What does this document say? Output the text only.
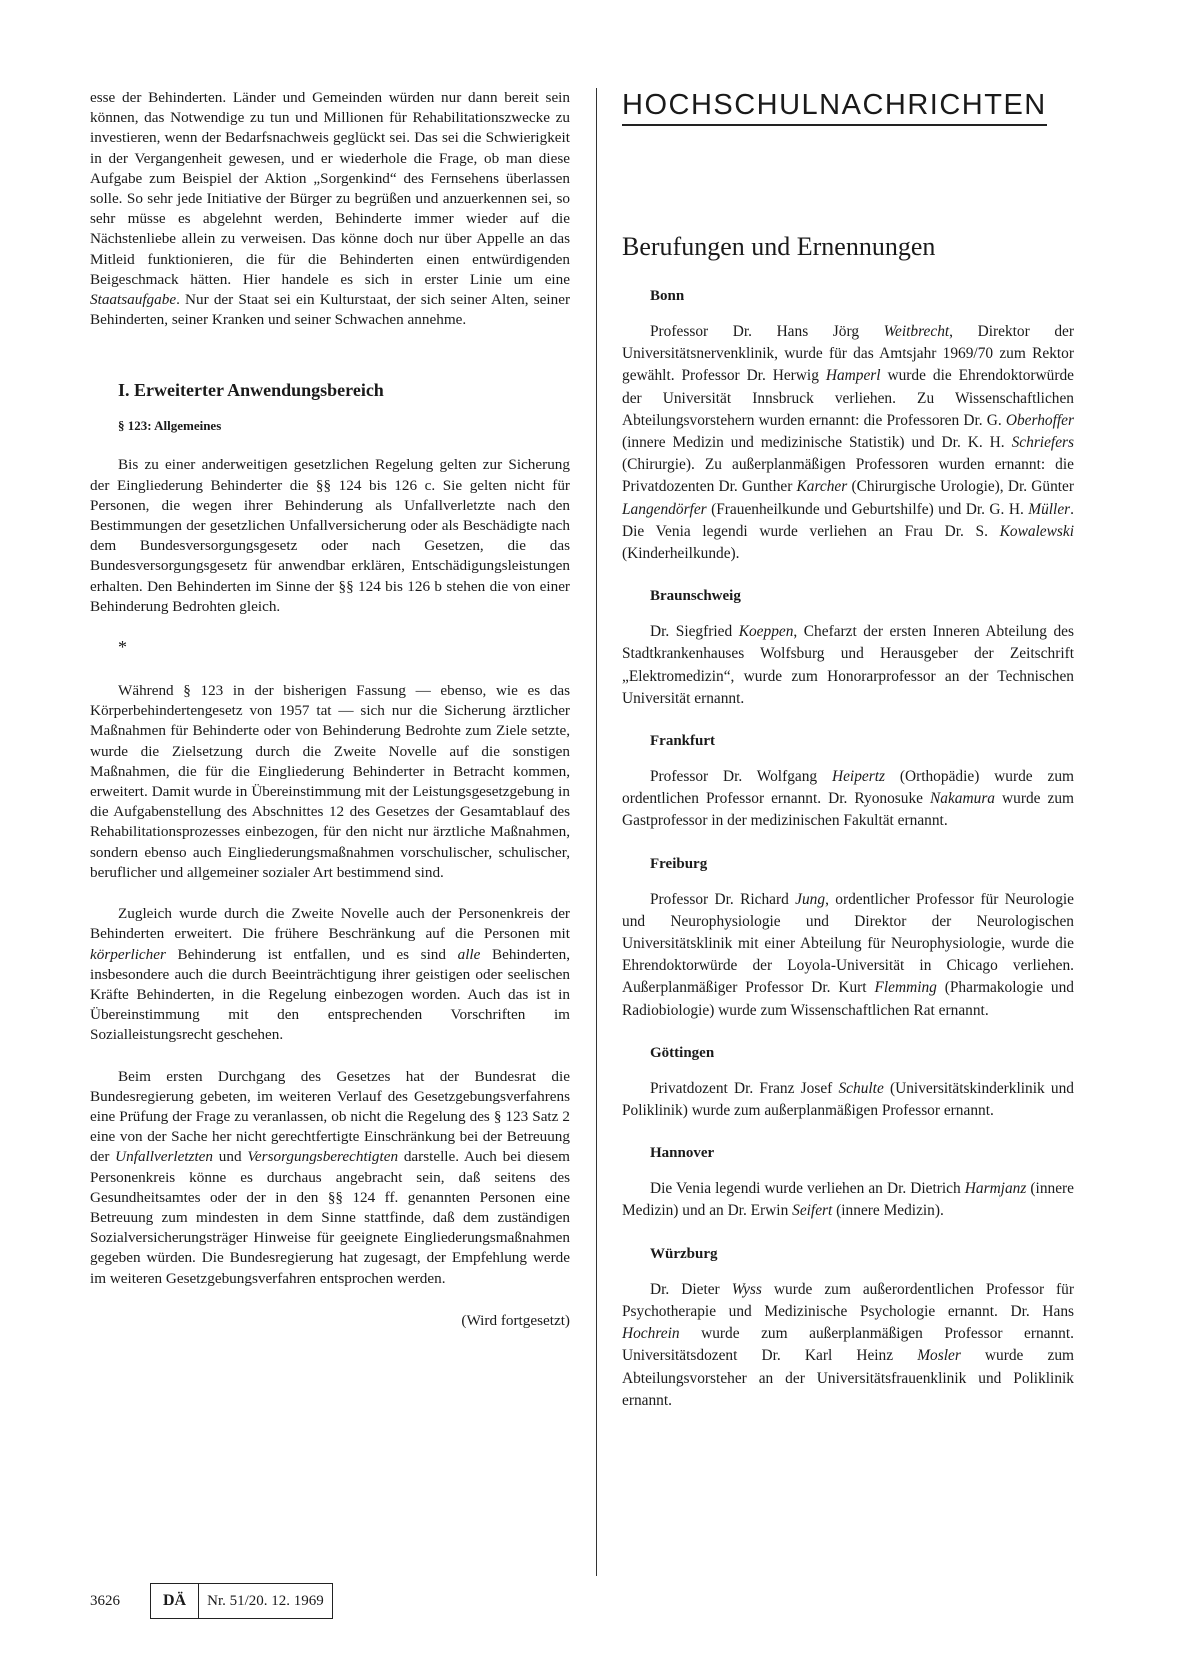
esse der Behinderten. Länder und Gemeinden würden nur dann bereit sein können, das Notwendige zu tun und Millionen für Rehabilitationszwecke zu investieren, wenn der Bedarfsnachweis geglückt sei. Das sei die Schwierigkeit in der Vergangenheit gewesen, und er wiederhole die Frage, ob man diese Aufgabe zum Beispiel der Aktion „Sorgenkind“ des Fernsehens überlassen solle. So sehr jede Initiative der Bürger zu begrüßen und anzuerkennen sei, so sehr müsse es abgelehnt werden, Behinderte immer wieder auf die Nächstenliebe allein zu verweisen. Das könne doch nur über Appelle an das Mitleid funktionieren, die für die Behinderten einen entwürdigenden Beigeschmack hätten. Hier handele es sich in erster Linie um eine Staatsaufgabe. Nur der Staat sei ein Kulturstaat, der sich seiner Alten, seiner Behinderten, seiner Kranken und seiner Schwachen annehme.

I. Erweiterter Anwendungsbereich
§ 123: Allgemeines

Bis zu einer anderweitigen gesetzlichen Regelung gelten zur Sicherung der Eingliederung Behinderter die §§ 124 bis 126 c. Sie gelten nicht für Personen, die wegen ihrer Behinderung als Unfallverletzte nach den Bestimmungen der gesetzlichen Unfallversicherung oder als Beschädigte nach dem Bundesversorgungsgesetz oder nach Gesetzen, die das Bundesversorgungsgesetz für anwendbar erklären, Entschädigungsleistungen erhalten. Den Behinderten im Sinne der §§ 124 bis 126 b stehen die von einer Behinderung Bedrohten gleich.

*

Während § 123 in der bisherigen Fassung — ebenso, wie es das Körperbehindertengesetz von 1957 tat — sich nur die Sicherung ärztlicher Maßnahmen für Behinderte oder von Behinderung Bedrohte zum Ziele setzte, wurde die Zielsetzung durch die Zweite Novelle auf die sonstigen Maßnahmen, die für die Eingliederung Behinderter in Betracht kommen, erweitert. Damit wurde in Übereinstimmung mit der Leistungsgesetzgebung in die Aufgabenstellung des Abschnittes 12 des Gesetzes der Gesamtablauf des Rehabilitationsprozesses einbezogen, für den nicht nur ärztliche Maßnahmen, sondern ebenso auch Eingliederungsmaßnahmen vorschulischer, schulischer, beruflicher und allgemeiner sozialer Art bestimmend sind.

Zugleich wurde durch die Zweite Novelle auch der Personenkreis der Behinderten erweitert. Die frühere Beschränkung auf die Personen mit körperlicher Behinderung ist entfallen, und es sind alle Behinderten, insbesondere auch die durch Beeinträchtigung ihrer geistigen oder seelischen Kräfte Behinderten, in die Regelung einbezogen worden. Auch das ist in Übereinstimmung mit den entsprechenden Vorschriften im Sozialleistungsrecht geschehen.

Beim ersten Durchgang des Gesetzes hat der Bundesrat die Bundesregierung gebeten, im weiteren Verlauf des Gesetzgebungsverfahrens eine Prüfung der Frage zu veranlassen, ob nicht die Regelung des § 123 Satz 2 eine von der Sache her nicht gerechtfertigte Einschränkung bei der Betreuung der Unfallverletzten und Versorgungsberechtigten darstelle. Auch bei diesem Personenkreis könne es durchaus angebracht sein, daß seitens des Gesundheitsamtes oder der in den §§ 124 ff. genannten Personen eine Betreuung zum mindesten in dem Sinne stattfinde, daß dem zuständigen Sozialversicherungsträger Hinweise für geeignete Eingliederungsmaßnahmen gegeben würden. Die Bundesregierung hat zugesagt, der Empfehlung werde im weiteren Gesetzgebungsverfahren entsprochen werden.

(Wird fortgesetzt)
HOCHSCHULNACHRICHTEN
Berufungen und Ernennungen
Bonn

Professor Dr. Hans Jörg Weitbrecht, Direktor der Universitätsnervenklinik, wurde für das Amtsjahr 1969/70 zum Rektor gewählt. Professor Dr. Herwig Hamperl wurde die Ehrendoktorwürde der Universität Innsbruck verliehen. Zu Wissenschaftlichen Abteilungsvorstehern wurden ernannt: die Professoren Dr. G. Oberhoffer (innere Medizin und medizinische Statistik) und Dr. K. H. Schriefers (Chirurgie). Zu außerplanmäßigen Professoren wurden ernannt: die Privatdozenten Dr. Gunther Karcher (Chirurgische Urologie), Dr. Günter Langendörfer (Frauenheilkunde und Geburtshilfe) und Dr. G. H. Müller. Die Venia legendi wurde verliehen an Frau Dr. S. Kowalewski (Kinderheilkunde).

Braunschweig

Dr. Siegfried Koeppen, Chefarzt der ersten Inneren Abteilung des Stadtkrankenhauses Wolfsburg und Herausgeber der Zeitschrift „Elektromedizin“, wurde zum Honorarprofessor an der Technischen Universität ernannt.

Frankfurt

Professor Dr. Wolfgang Heipertz (Orthopädie) wurde zum ordentlichen Professor ernannt. Dr. Ryonosuke Nakamura wurde zum Gastprofessor in der medizinischen Fakultät ernannt.

Freiburg

Professor Dr. Richard Jung, ordentlicher Professor für Neurologie und Neurophysiologie und Direktor der Neurologischen Universitätsklinik mit einer Abteilung für Neurophysiologie, wurde die Ehrendoktorwürde der Loyola-Universität in Chicago verliehen. Außerplanmäßiger Professor Dr. Kurt Flemming (Pharmakologie und Radiobiologie) wurde zum Wissenschaftlichen Rat ernannt.

Göttingen

Privatdozent Dr. Franz Josef Schulte (Universitätskinderklinik und Poliklinik) wurde zum außerplanmäßigen Professor ernannt.

Hannover

Die Venia legendi wurde verliehen an Dr. Dietrich Harmjanz (innere Medizin) und an Dr. Erwin Seifert (innere Medizin).

Würzburg

Dr. Dieter Wyss wurde zum außerordentlichen Professor für Psychotherapie und Medizinische Psychologie ernannt. Dr. Hans Hochrein wurde zum außerplanmäßigen Professor ernannt. Universitätsdozent Dr. Karl Heinz Mosler wurde zum Abteilungsvorsteher an der Universitätsfrauenklinik und Poliklinik ernannt.

3626	DÄ	Nr. 51/20. 12. 1969
